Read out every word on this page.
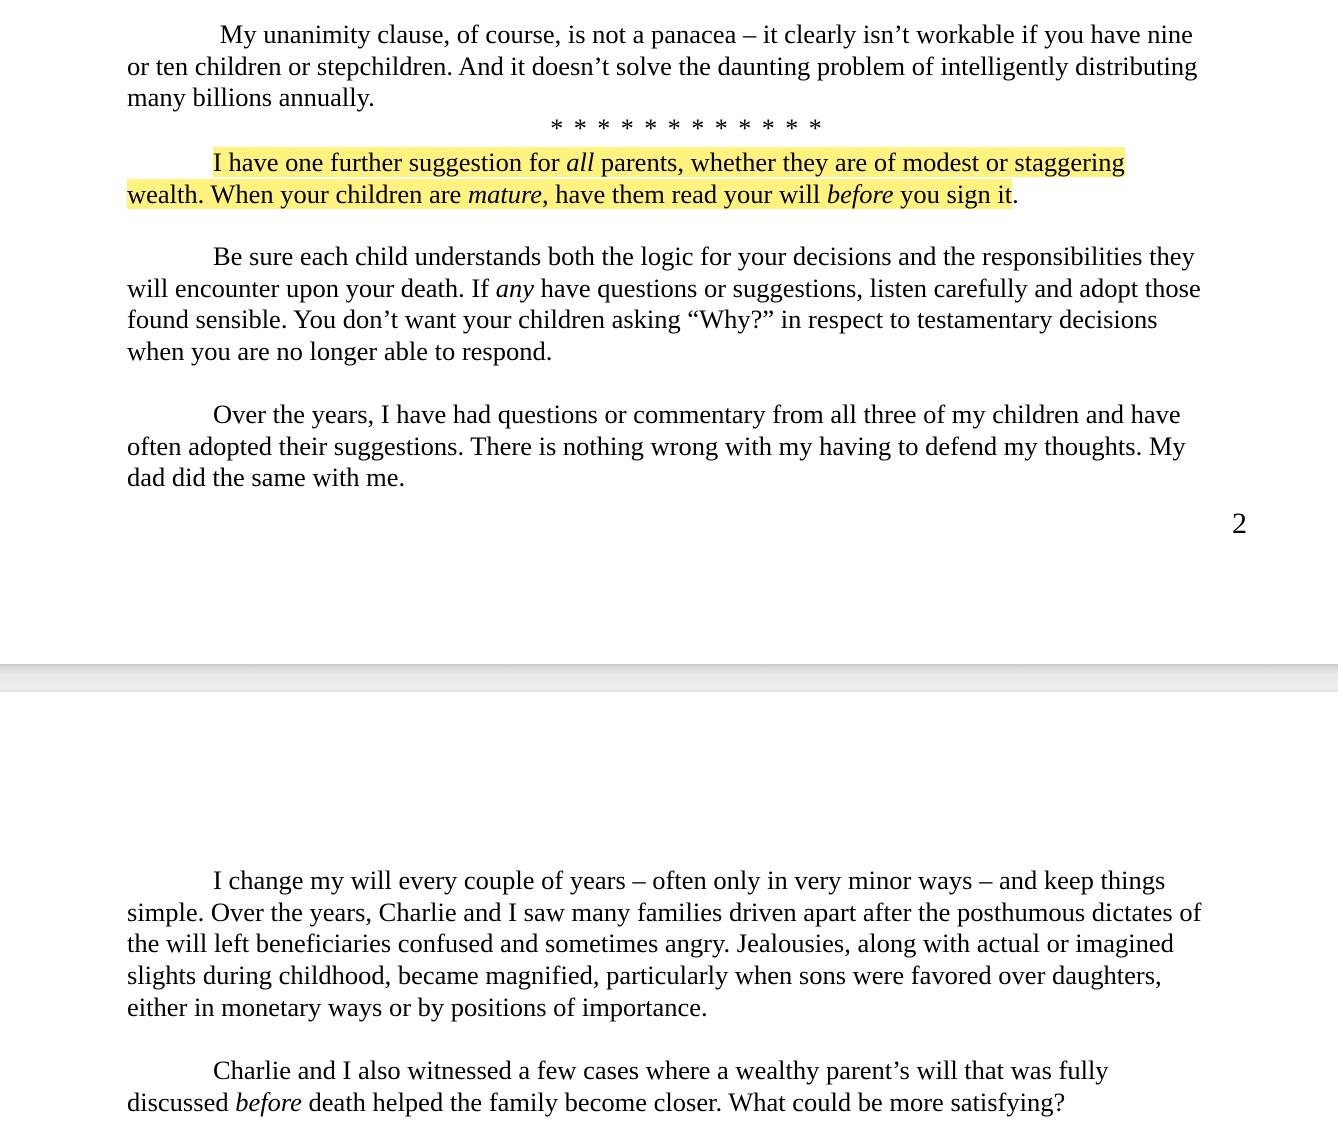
My unanimity clause, of course, is not a panacea – it clearly isn’t workable if you have nine
or ten children or stepchildren. And it doesn’t solve the daunting problem of intelligently distributing
many billions annually.

* * * * * * * * * * * *

I have one further suggestion for all parents, whether they are of modest or staggering
wealth. When your children are mature, have them read your will before you sign it.

Be sure each child understands both the logic for your decisions and the responsibilities they
will encounter upon your death. If any have questions or suggestions, listen carefully and adopt those
found sensible. You don’t want your children asking “Why?” in respect to testamentary decisions
when you are no longer able to respond.

Over the years, I have had questions or commentary from all three of my children and have
often adopted their suggestions. There is nothing wrong with my having to defend my thoughts. My
dad did the same with me.

2

I change my will every couple of years – often only in very minor ways – and keep things
simple. Over the years, Charlie and I saw many families driven apart after the posthumous dictates of
the will left beneficiaries confused and sometimes angry. Jealousies, along with actual or imagined
slights during childhood, became magnified, particularly when sons were favored over daughters,
either in monetary ways or by positions of importance.

Charlie and I also witnessed a few cases where a wealthy parent’s will that was fully
discussed before death helped the family become closer. What could be more satisfying?
